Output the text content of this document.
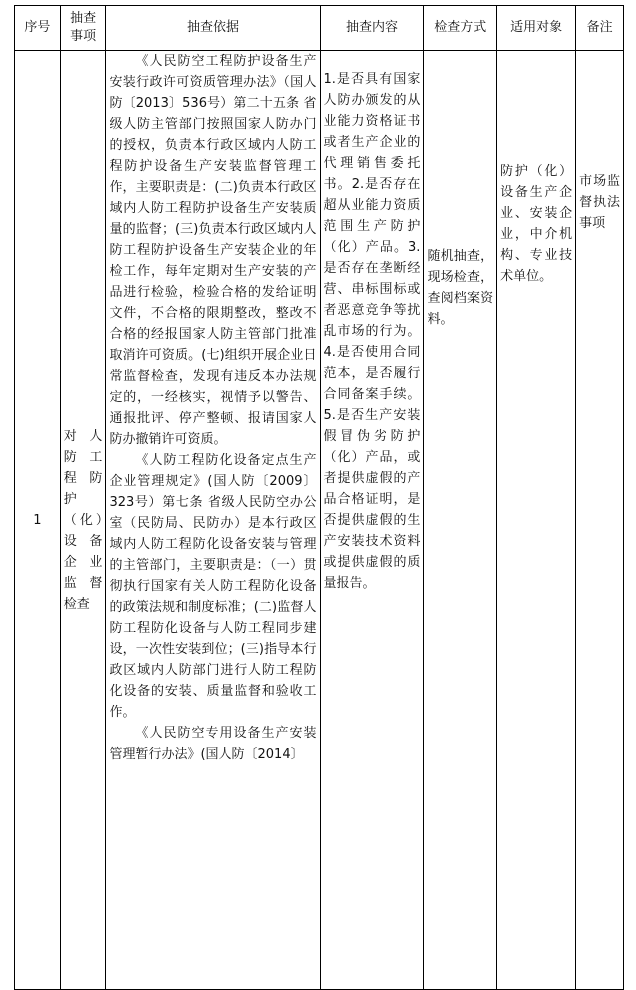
序号	抽查事项	抽查依据	抽查内容	检查方式	适用对象	备注
1	对人防工程防护（化）设备企业监督检查	《人民防空工程防护设备生产安装行政许可资质管理办法》（国人防〔2013〕536号）第二十五条 省级人防主管部门按照国家人防办门的授权，负责本行政区域内人防工程防护设备生产安装监督管理工作，主要职责是：(二)负责本行政区域内人防工程防护设备生产安装质量的监督；(三)负责本行政区域内人防工程防护设备生产安装企业的年检工作，每年定期对生产安装的产品进行检验，检验合格的发给证明文件，不合格的限期整改，整改不合格的经报国家人防主管部门批准取消许可资质。(七)组织开展企业日常监督检查，发现有违反本办法规定的，一经核实，视情予以警告、通报批评、停产整顿、报请国家人防办撤销许可资质。

《人防工程防化设备定点生产企业管理规定》(国人防〔2009〕323号）第七条 省级人民防空办公室（民防局、民防办）是本行政区域内人防工程防化设备安装与管理的主管部门，主要职责是：（一）贯彻执行国家有关人防工程防化设备的政策法规和制度标准；(二)监督人防工程防化设备与人防工程同步建设，一次性安装到位；(三)指导本行政区域内人防部门进行人防工程防化设备的安装、质量监督和验收工作。

《人民防空专用设备生产安装管理暂行办法》(国人防〔2014〕	1.是否具有国家人防办颁发的从业能力资格证书或者生产企业的代理销售委托书。2.是否存在超从业能力资质范围生产防护（化）产品。3.是否存在垄断经营、串标围标或者恶意竞争等扰乱市场的行为。4.是否使用合同范本，是否履行合同备案手续。5.是否生产安装假冒伪劣防护（化）产品，或者提供虚假的产品合格证明，是否提供虚假的生产安装技术资料或提供虚假的质量报告。	随机抽查，现场检查，查阅档案资料。	防护（化）设备生产企业、安装企业，中介机构、专业技术单位。	市场监督执法事项
